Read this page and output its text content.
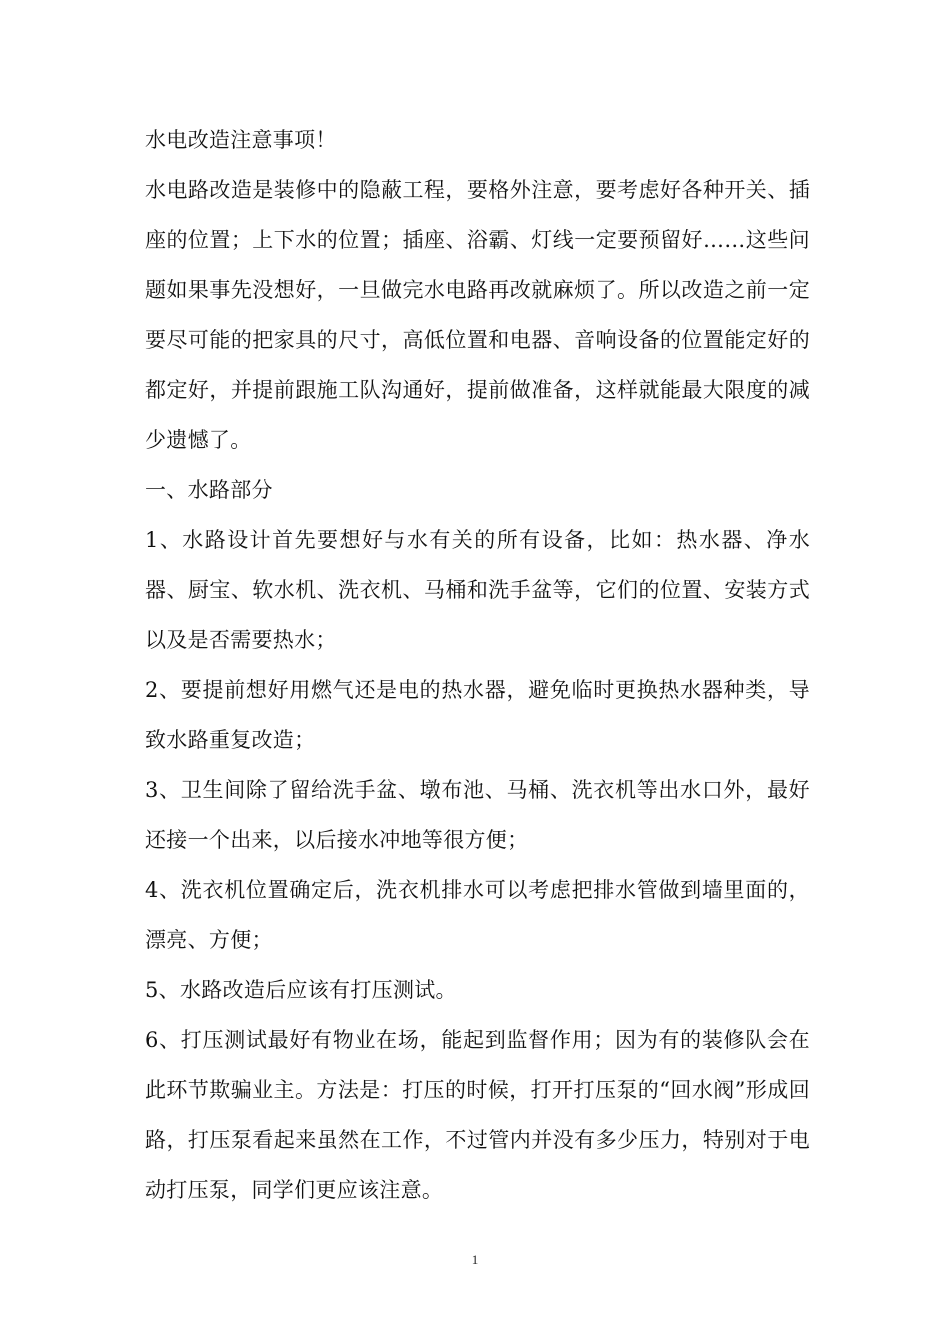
水电改造注意事项！

水电路改造是装修中的隐蔽工程，要格外注意，要考虑好各种开关、插座的位置；上下水的位置；插座、浴霸、灯线一定要预留好……这些问题如果事先没想好，一旦做完水电路再改就麻烦了。所以改造之前一定要尽可能的把家具的尺寸，高低位置和电器、音响设备的位置能定好的都定好，并提前跟施工队沟通好，提前做准备，这样就能最大限度的减少遗憾了。

一、水路部分

1、水路设计首先要想好与水有关的所有设备，比如：热水器、净水器、厨宝、软水机、洗衣机、马桶和洗手盆等，它们的位置、安装方式以及是否需要热水；

2、要提前想好用燃气还是电的热水器，避免临时更换热水器种类，导致水路重复改造；

3、卫生间除了留给洗手盆、墩布池、马桶、洗衣机等出水口外，最好还接一个出来，以后接水冲地等很方便；

4、洗衣机位置确定后，洗衣机排水可以考虑把排水管做到墙里面的，漂亮、方便；

5、水路改造后应该有打压测试。

6、打压测试最好有物业在场，能起到监督作用；因为有的装修队会在此环节欺骗业主。方法是：打压的时候，打开打压泵的“回水阀”形成回路，打压泵看起来虽然在工作，不过管内并没有多少压力，特别对于电动打压泵，同学们更应该注意。

1
